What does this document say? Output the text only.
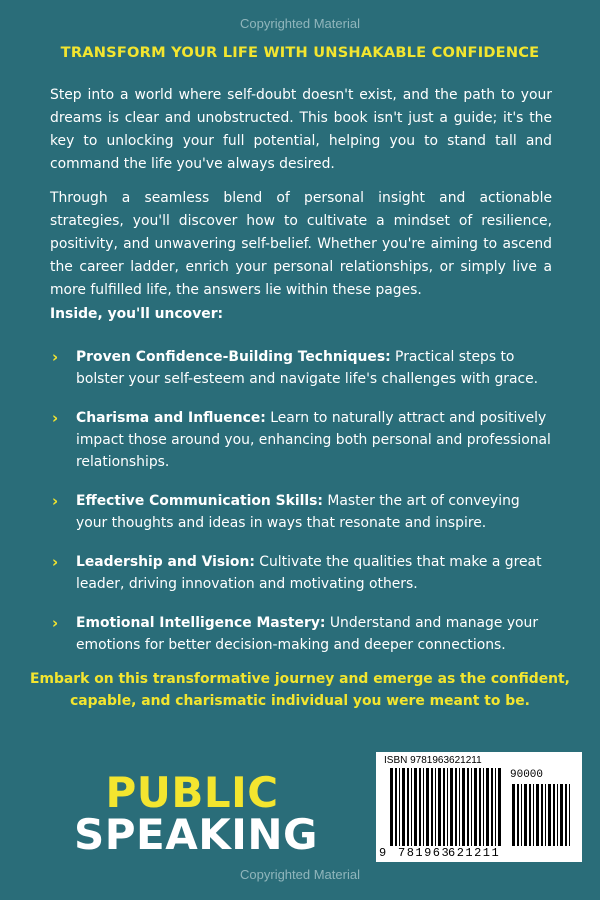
Copyrighted Material
TRANSFORM YOUR LIFE WITH UNSHAKABLE CONFIDENCE

Step into a world where self-doubt doesn't exist, and the path to your dreams is clear and unobstructed. This book isn't just a guide; it's the key to unlocking your full potential, helping you to stand tall and command the life you've always desired.

Through a seamless blend of personal insight and actionable strategies, you'll discover how to cultivate a mindset of resilience, positivity, and unwavering self-belief. Whether you're aiming to ascend the career ladder, enrich your personal relationships, or simply live a more fulfilled life, the answers lie within these pages.

Inside, you'll uncover:

› Proven Confidence-Building Techniques: Practical steps to bolster your self-esteem and navigate life's challenges with grace.
› Charisma and Influence: Learn to naturally attract and positively impact those around you, enhancing both personal and professional relationships.
› Effective Communication Skills: Master the art of conveying your thoughts and ideas in ways that resonate and inspire.
› Leadership and Vision: Cultivate the qualities that make a great leader, driving innovation and motivating others.
› Emotional Intelligence Mastery: Understand and manage your emotions for better decision-making and deeper connections.

Embark on this transformative journey and emerge as the confident, capable, and charismatic individual you were meant to be.

PUBLIC
SPEAKING
ISBN 9781963621211
90000
9 781963
621211
Copyrighted Material
